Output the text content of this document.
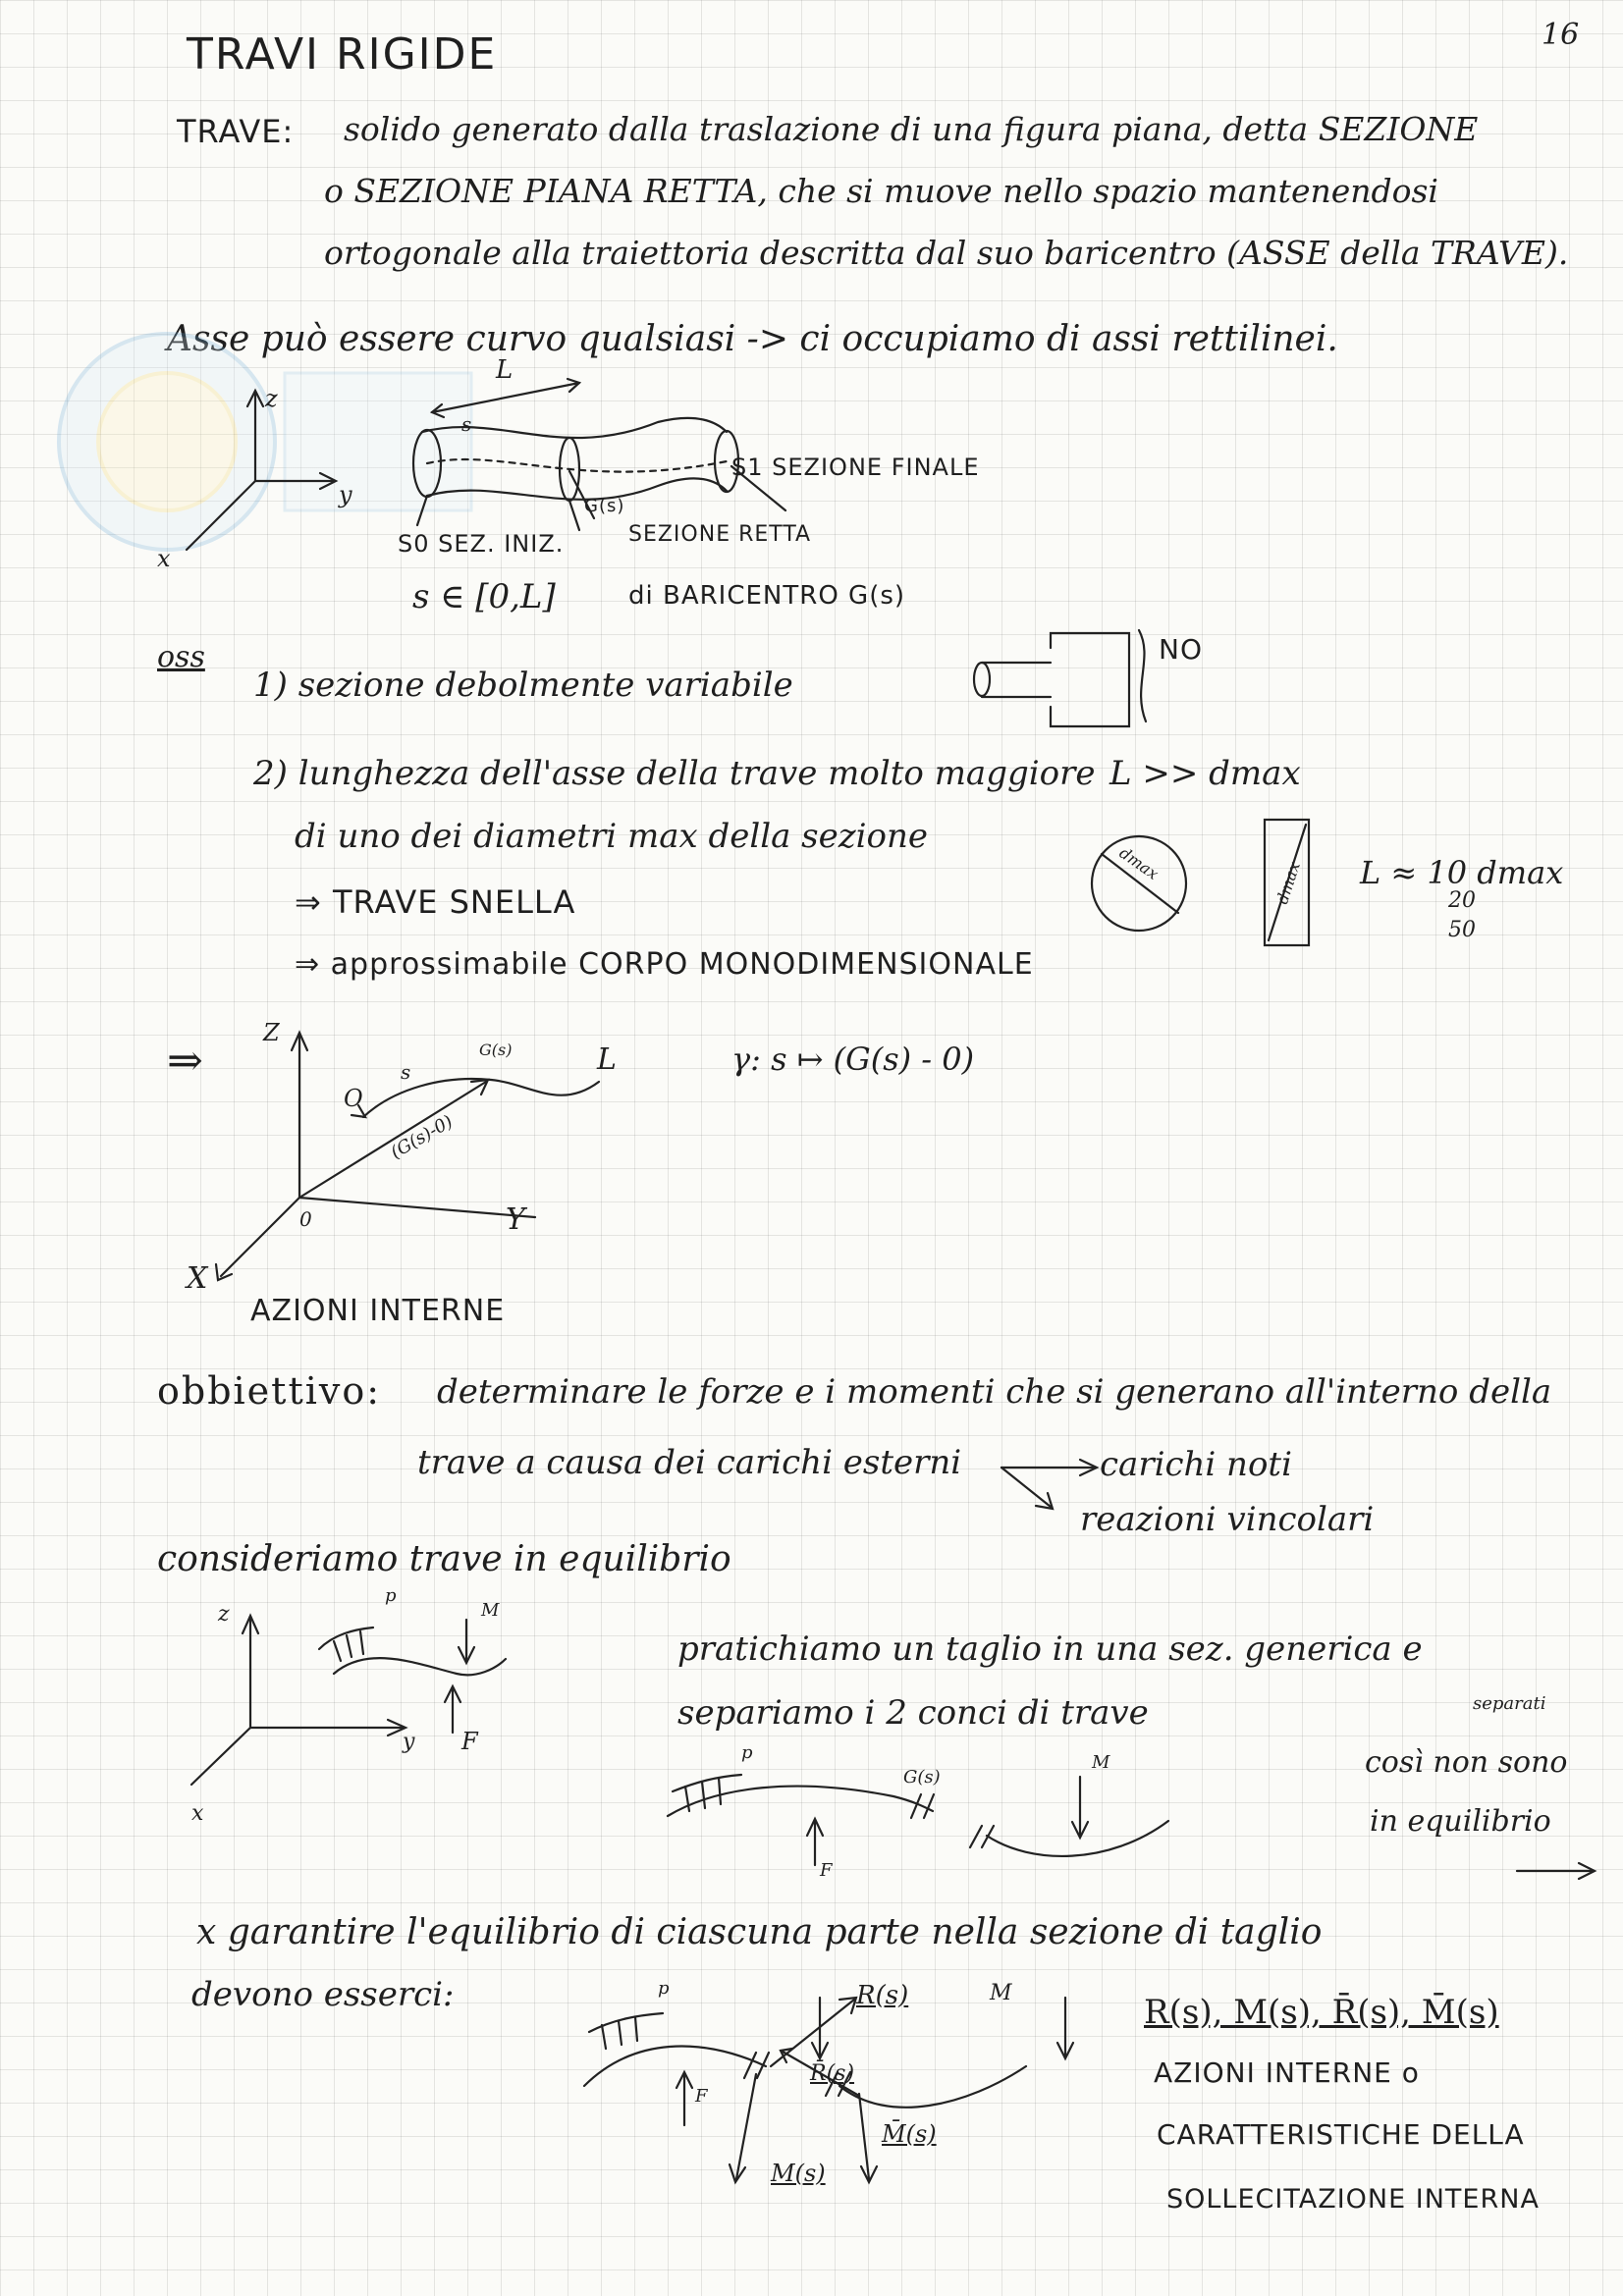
16
TRAVI RIGIDE
TRAVE: solido generato dalla traslazione di una figura piana, detta SEZIONE
o SEZIONE PIANA RETTA, che si muove nello spazio mantenendosi
ortogonale alla traiettoria descritta dal suo baricentro (ASSE della TRAVE).
Asse può essere curvo qualsiasi -> ci occupiamo di assi rettilinei.
z
y
x
L
s
G(s)
S1 SEZIONE FINALE
S0 SEZ. INIZ.	SEZIONE RETTA
s ∈ [0,L]	di BARICENTRO G(s)
oss
1) sezione debolmente variabile
NO
2) lunghezza dell'asse della trave molto maggiore L >> dmax
di uno dei diametri max della sezione
dmax	dmax L ≈ 10 dmax
20
50
⇒ TRAVE SNELLA
⇒ approssimabile CORPO MONODIMENSIONALE
⇒
Z
Y
X
O
0
s
G(s)
(G(s)-0)
L	γ: s ↦ (G(s) - 0)
AZIONI INTERNE
obbiettivo: determinare le forze e i momenti che si generano all'interno della
trave a causa dei carichi esterni	carichi noti
reazioni vincolari
consideriamo trave in equilibrio
z
y
x
p
M
F
pratichiamo un taglio in una sez. generica e
separiamo i 2 conci di trave	separati
così non sono
in equilibrio
p
G(s)
M
F
x garantire l'equilibrio di ciascuna parte nella sezione di taglio
devono esserci:	p
F
R(s)
R̄(s)
M(s)
M̄(s)
M	R(s), M(s), R̄(s), M̄(s)
AZIONI INTERNE o
CARATTERISTICHE DELLA
SOLLECITAZIONE INTERNA
